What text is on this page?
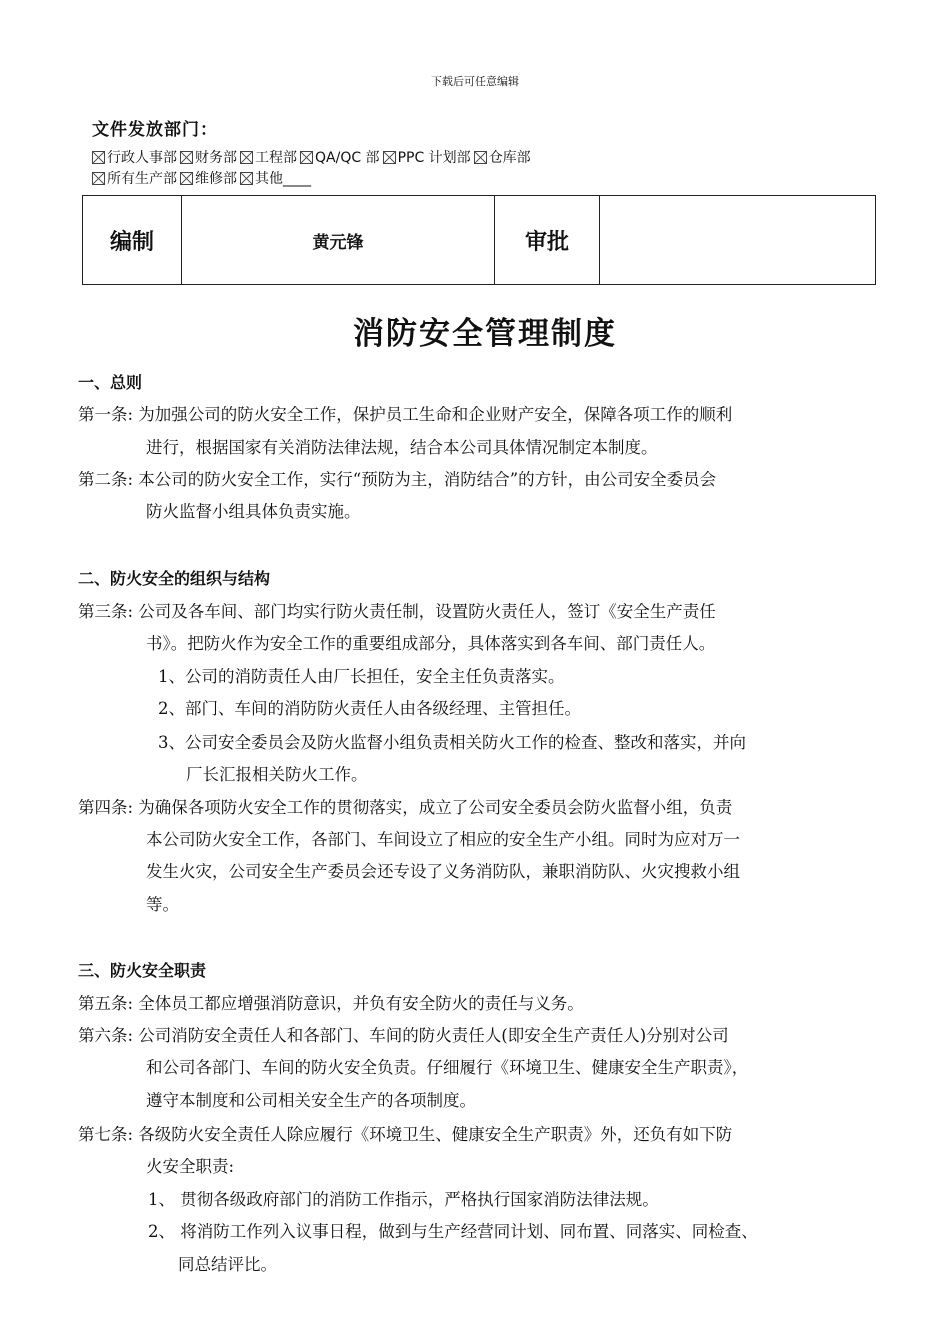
下载后可任意编辑
文件发放部门：
行政人事部 财务部 工程部 QA/QC 部 PPC 计划部 仓库部
所有生产部 维修部 其他____
编制	黄元锋	审批	
消防安全管理制度
一、总则
第一条: 为加强公司的防火安全工作，保护员工生命和企业财产安全，保障各项工作的顺利
进行，根据国家有关消防法律法规，结合本公司具体情况制定本制度。
第二条: 本公司的防火安全工作，实行“预防为主，消防结合”的方针，由公司安全委员会
防火监督小组具体负责实施。
二、防火安全的组织与结构
第三条: 公司及各车间、部门均实行防火责任制，设置防火责任人，签订《安全生产责任
书》。把防火作为安全工作的重要组成部分，具体落实到各车间、部门责任人。
1、公司的消防责任人由厂长担任，安全主任负责落实。
2、部门、车间的消防防火责任人由各级经理、主管担任。
3、公司安全委员会及防火监督小组负责相关防火工作的检查、整改和落实，并向
厂长汇报相关防火工作。
第四条: 为确保各项防火安全工作的贯彻落实，成立了公司安全委员会防火监督小组，负责
本公司防火安全工作，各部门、车间设立了相应的安全生产小组。同时为应对万一
发生火灾，公司安全生产委员会还专设了义务消防队，兼职消防队、火灾搜救小组
等。
三、防火安全职责
第五条: 全体员工都应增强消防意识，并负有安全防火的责任与义务。
第六条: 公司消防安全责任人和各部门、车间的防火责任人(即安全生产责任人)分别对公司
和公司各部门、车间的防火安全负责。仔细履行《环境卫生、健康安全生产职责》，
遵守本制度和公司相关安全生产的各项制度。
第七条: 各级防火安全责任人除应履行《环境卫生、健康安全生产职责》外，还负有如下防
火安全职责:
1、 贯彻各级政府部门的消防工作指示，严格执行国家消防法律法规。
2、 将消防工作列入议事日程，做到与生产经营同计划、同布置、同落实、同检查、
同总结评比。
